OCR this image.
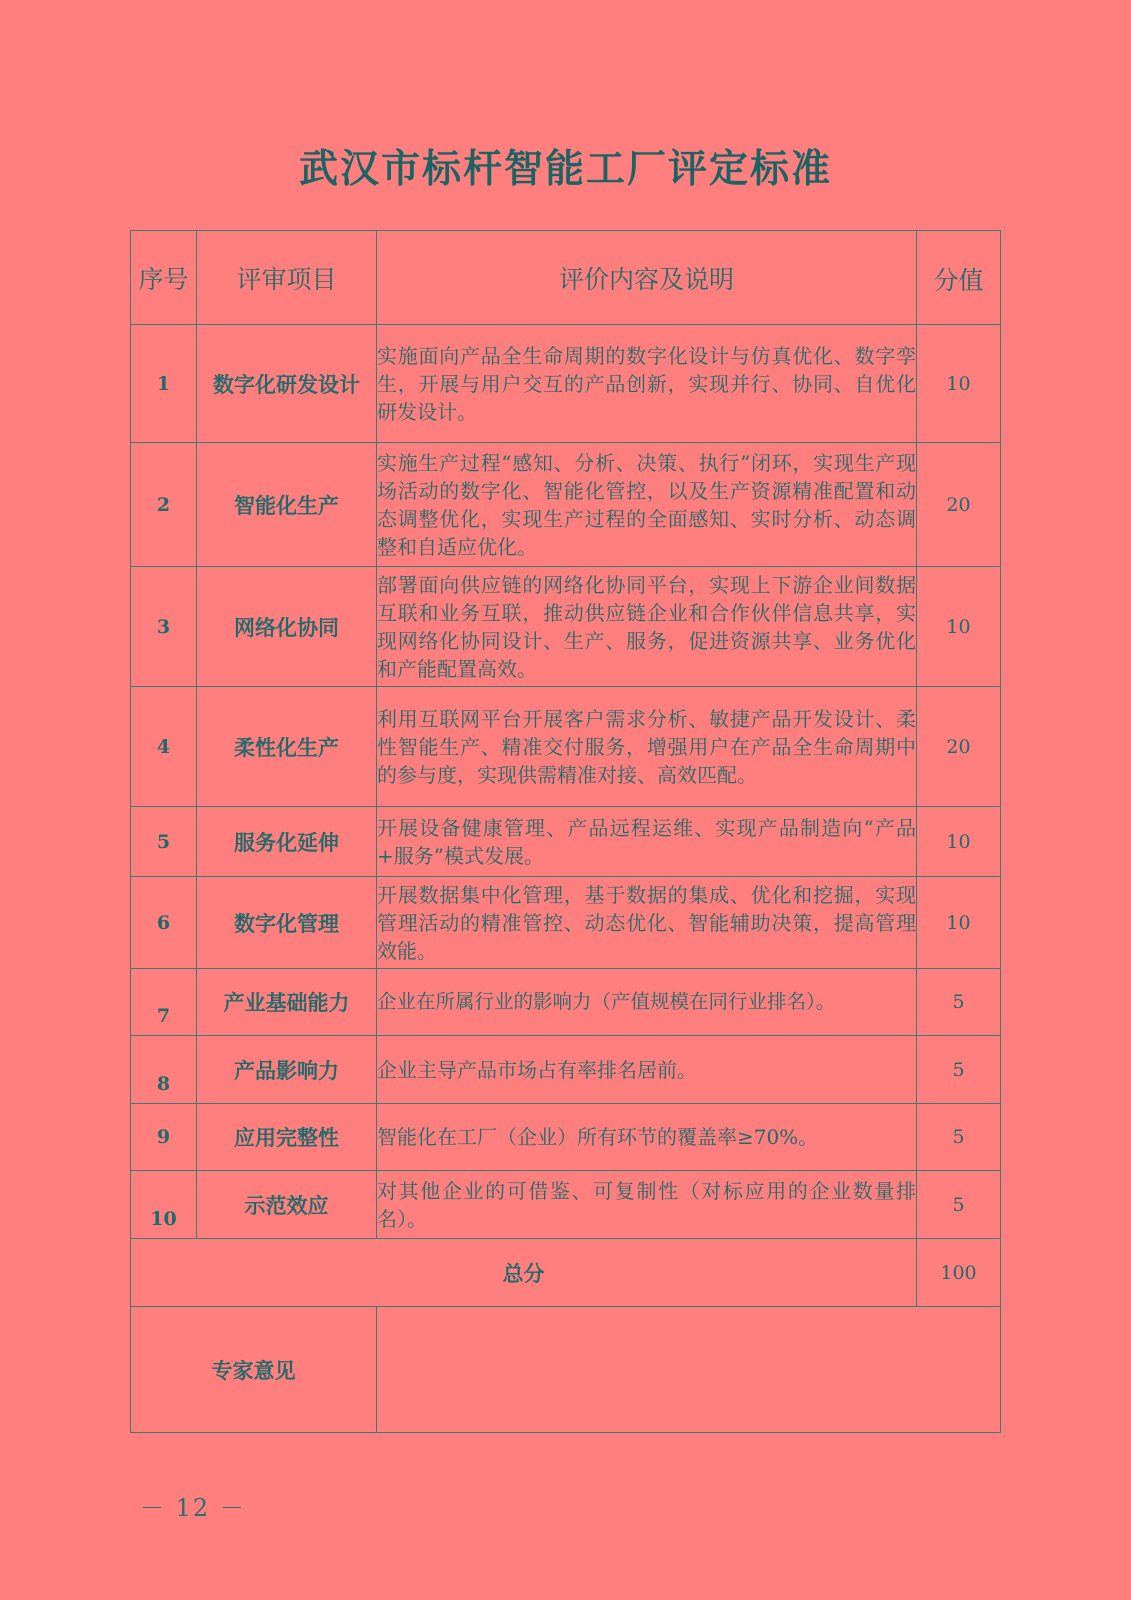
武汉市标杆智能工厂评定标准
序号	评审项目	评价内容及说明	分值
1	数字化研发设计	实施面向产品全生命周期的数字化设计与仿真优化、数字孪生，开展与用户交互的产品创新，实现并行、协同、自优化研发设计。	10
2	智能化生产	实施生产过程“感知、分析、决策、执行”闭环，实现生产现场活动的数字化、智能化管控，以及生产资源精准配置和动态调整优化，实现生产过程的全面感知、实时分析、动态调整和自适应优化。	20
3	网络化协同	部署面向供应链的网络化协同平台，实现上下游企业间数据互联和业务互联，推动供应链企业和合作伙伴信息共享，实现网络化协同设计、生产、服务，促进资源共享、业务优化和产能配置高效。	10
4	柔性化生产	利用互联网平台开展客户需求分析、敏捷产品开发设计、柔性智能生产、精准交付服务，增强用户在产品全生命周期中的参与度，实现供需精准对接、高效匹配。	20
5	服务化延伸	开展设备健康管理、产品远程运维、实现产品制造向“产品+服务”模式发展。	10
6	数字化管理	开展数据集中化管理，基于数据的集成、优化和挖掘，实现管理活动的精准管控、动态优化、智能辅助决策，提高管理效能。	10
7	产业基础能力	企业在所属行业的影响力（产值规模在同行业排名）。	5
8	产品影响力	企业主导产品市场占有率排名居前。	5
9	应用完整性	智能化在工厂（企业）所有环节的覆盖率≥70%。	5
10	示范效应	对其他企业的可借鉴、可复制性（对标应用的企业数量排名）。	5
总分			100
专家意见			
－ 12 －
